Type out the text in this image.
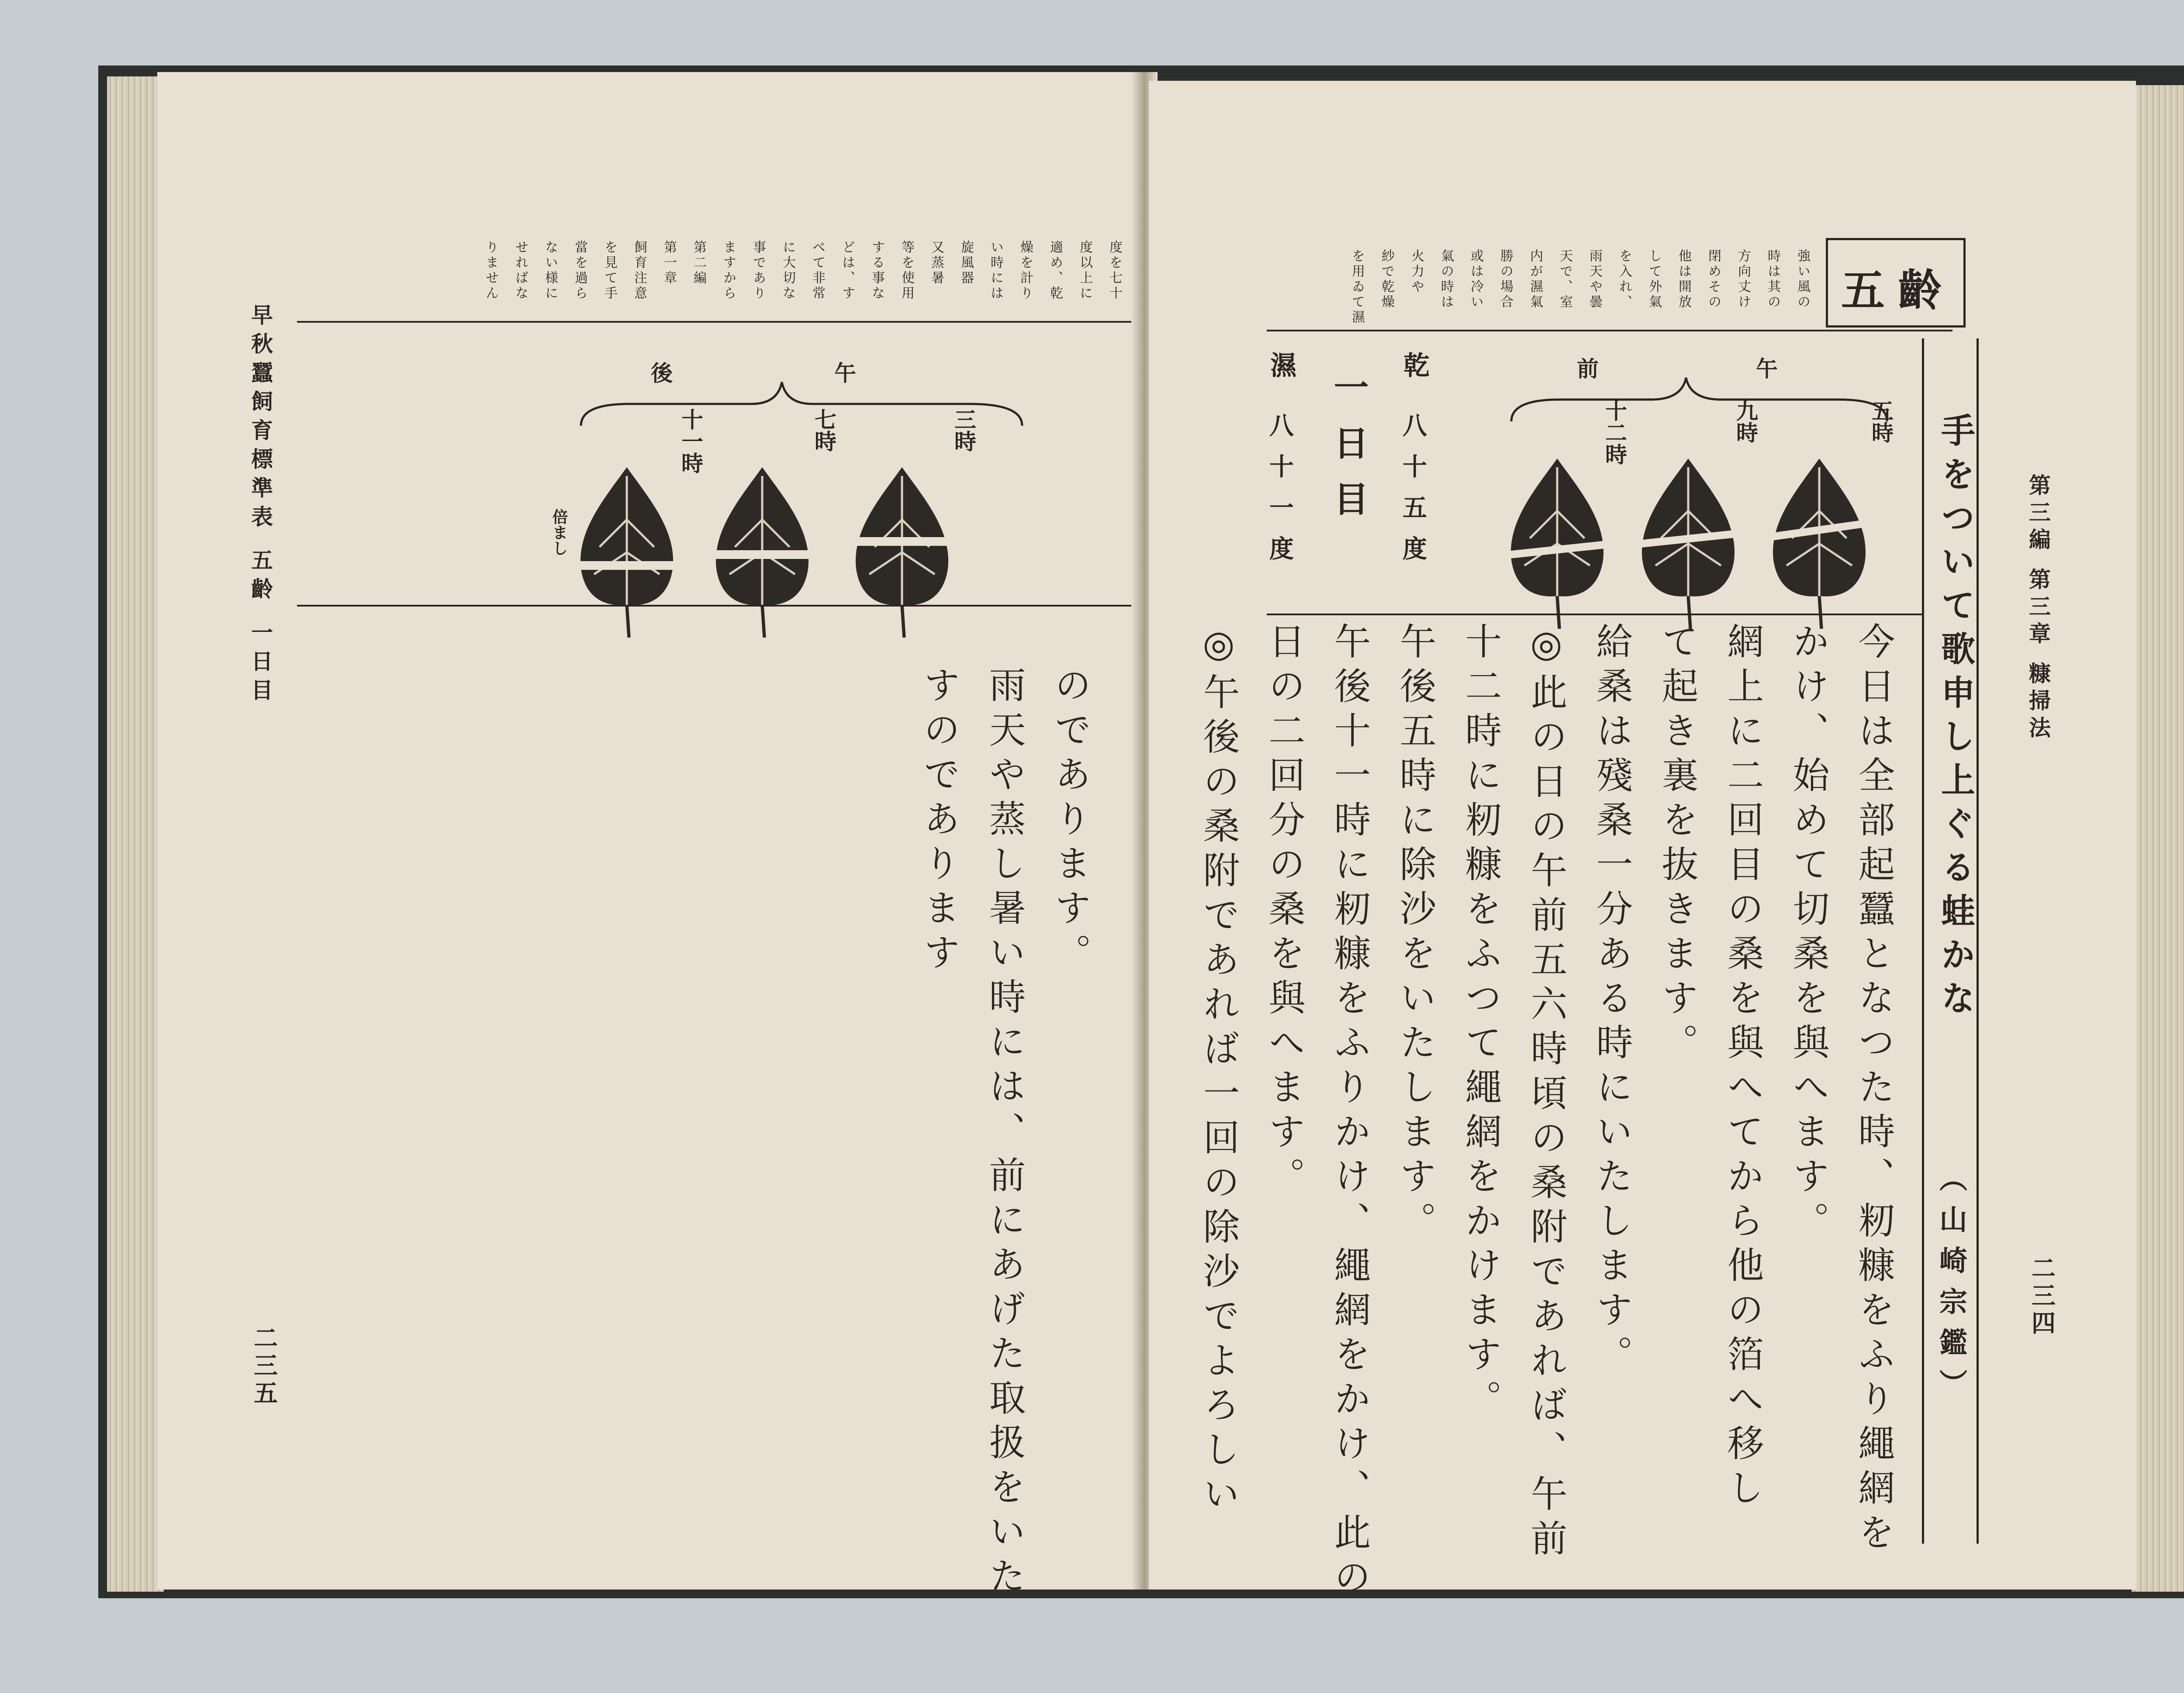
早秋蠶飼育標準表 五齡 一日目
二三五
度を七十
度以上に
適め、乾
燥を計り
い時には
旋風器
又蒸暑
等を使用
する事な
どは、す
べて非常
に大切な
事であり
ますから
第二編
第一章
飼育注意
を見て手
當を過ら
ない様に
せればな
りません
午
後
三時
七時
十一時
倍まし
のであります。
雨天や蒸し暑い時には、前にあげた取扱をいた
すのであります
第三編 第三章 糠掃法
二三四
五齡
強い風の
時は其の
方向丈け
閉めその
他は開放
して外氣
を入れ、
雨天や曇
天で、室
内が濕氣
勝の場合
或は冷い
氣の時は
火力や
紗で乾燥
を用ゐて濕
手をついて歌申し上ぐる蛙かな
（山崎宗鑑）
午
前
五時
九時
十二時
乾
八十五度
一日目
濕
八十一度
今日は全部起蠶となつた時、籾糠をふり繩網を
かけ、始めて切桑を與へます。
網上に二回目の桑を與へてから他の箔へ移し
て起き裏を抜きます。
給桑は殘桑一分ある時にいたします。
◎此の日の午前五六時頃の桑附であれば、午前
十二時に籾糠をふつて繩網をかけます。
午後五時に除沙をいたします。
午後十一時に籾糠をふりかけ、繩網をかけ、此の
日の二回分の桑を與へます。
◎午後の桑附であれば一回の除沙でよろしい
